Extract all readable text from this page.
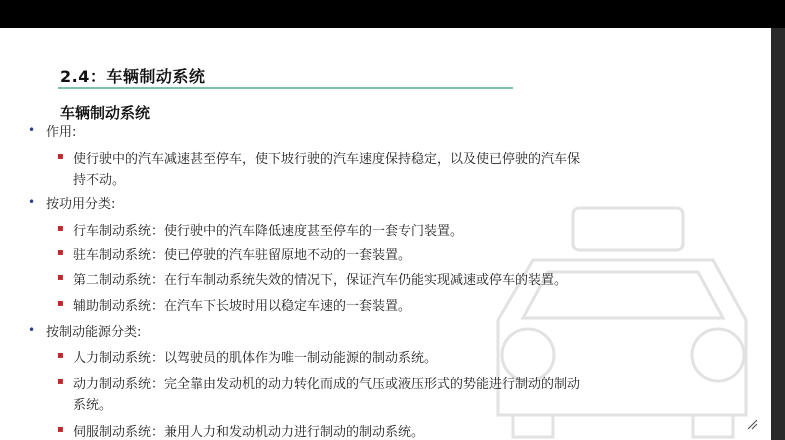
2.4：车辆制动系统
车辆制动系统
• 作用:
▪ 使行驶中的汽车减速甚至停车，使下坡行驶的汽车速度保持稳定，以及使已停驶的汽车保
持不动。
• 按功用分类:
▪ 行车制动系统：使行驶中的汽车降低速度甚至停车的一套专门装置。
▪ 驻车制动系统：使已停驶的汽车驻留原地不动的一套装置。
▪ 第二制动系统：在行车制动系统失效的情况下，保证汽车仍能实现减速或停车的装置。
▪ 辅助制动系统：在汽车下长坡时用以稳定车速的一套装置。
• 按制动能源分类:
▪ 人力制动系统：以驾驶员的肌体作为唯一制动能源的制动系统。
▪ 动力制动系统：完全靠由发动机的动力转化而成的气压或液压形式的势能进行制动的制动
系统。
▪ 伺服制动系统：兼用人力和发动机动力进行制动的制动系统。
